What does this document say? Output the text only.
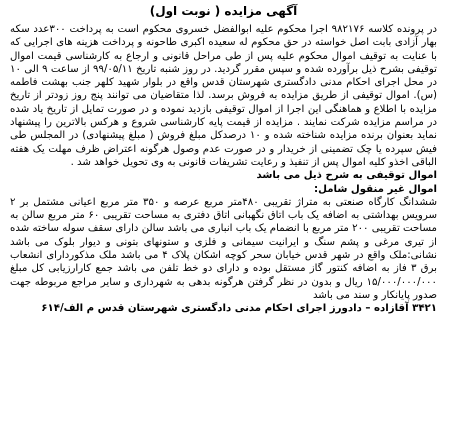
آگهی مزایده ( نوبت اول)

در پرونده کلاسه ۹۸۲۱۷۶ اجرا محکوم علیه ابوالفضل خسروی محکوم است به پرداخت ۳۰۰عدد سکه بهار آزادی بابت اصل خواسته در حق محکوم له سعیده اکبری طاحونه و پرداخت هزینه های اجرایی که با عنایت به توقیف اموال محکوم علیه پس از طی مراحل قانونی و ارجاع به کارشناسی قیمت اموال توقیفی بشرح ذیل برآورده شده و سپس مقرر گردید. در روز شنبه تاریخ ۹۹/۰۵/۱۱ از ساعت ۹ الی ۱۰ در محل اجرای احکام مدنی دادگستری شهرستان قدس واقع در بلوار شهید کلهر جنب بهشت فاطمه (س). اموال توقیفی از طریق مزایده به فروش برسد. لذا متقاضیان می توانند پنج روز زودتر از تاریخ مزایده با اطلاع و هماهنگی این اجرا از اموال توقیفی بازدید نموده و در صورت تمایل از تاریخ یاد شده در مراسم مزایده شرکت نمایند . مزایده از قیمت پایه کارشناسی شروع و هرکس بالاترین را پیشنهاد نماید بعنوان برنده مزایده شناخته شده و ۱۰ درصدکل مبلغ فروش ( مبلغ پیشنهادی) در المجلس طی فیش سپرده یا چک تضمینی از خریدار و در صورت عدم وصول هرگونه اعتراض ظرف مهلت یک هفته الباقی اخذو کلیه اموال پس از تنفیذ و رعایت تشریفات قانونی به وی تحویل خواهد شد .

اموال توقیفی به شرح ذیل می باشد

اموال غیر منقول شامل:

ششدانگ کارگاه صنعتی به متراژ تقریبی ۴۸۰متر مربع عرصه و ۳۵۰ متر مربع اعیانی مشتمل بر ۲ سرویس بهداشتی به اضافه یک باب اتاق نگهبانی اتاق دفتری به مساحت تقریبی ۶۰ متر مربع سالن به مساحت تقریبی ۲۰۰ متر مربع با انضمام یک باب انباری می باشد سالن دارای سقف سوله ساخته شده از تیری مرغی و پشم سنگ و ایرانیت سیمانی و فلزی و ستونهای بتونی و دیوار بلوک می باشد نشانی:ملک واقع در شهر قدس خیابان سحر کوچه اشکان پلاک ۴ می باشد ملک مذکوردارای انشعاب برق ۳ فاز به اضافه کنتور گاز مستقل بوده و دارای دو خط تلفن می باشد جمع کارارزیابی کل مبلغ ۱۵/۰۰۰/۰۰۰/۰۰۰ ریال و بدون در نظر گرفتن هرگونه بدهی به شهرداری و سایر مراجع مربوطه جهت صدور پایانکار و سند می باشد

۳۴۲۱ آقازاده – دادورز اجرای احکام مدنی دادگستری شهرستان قدس م الف/۶۱۴
